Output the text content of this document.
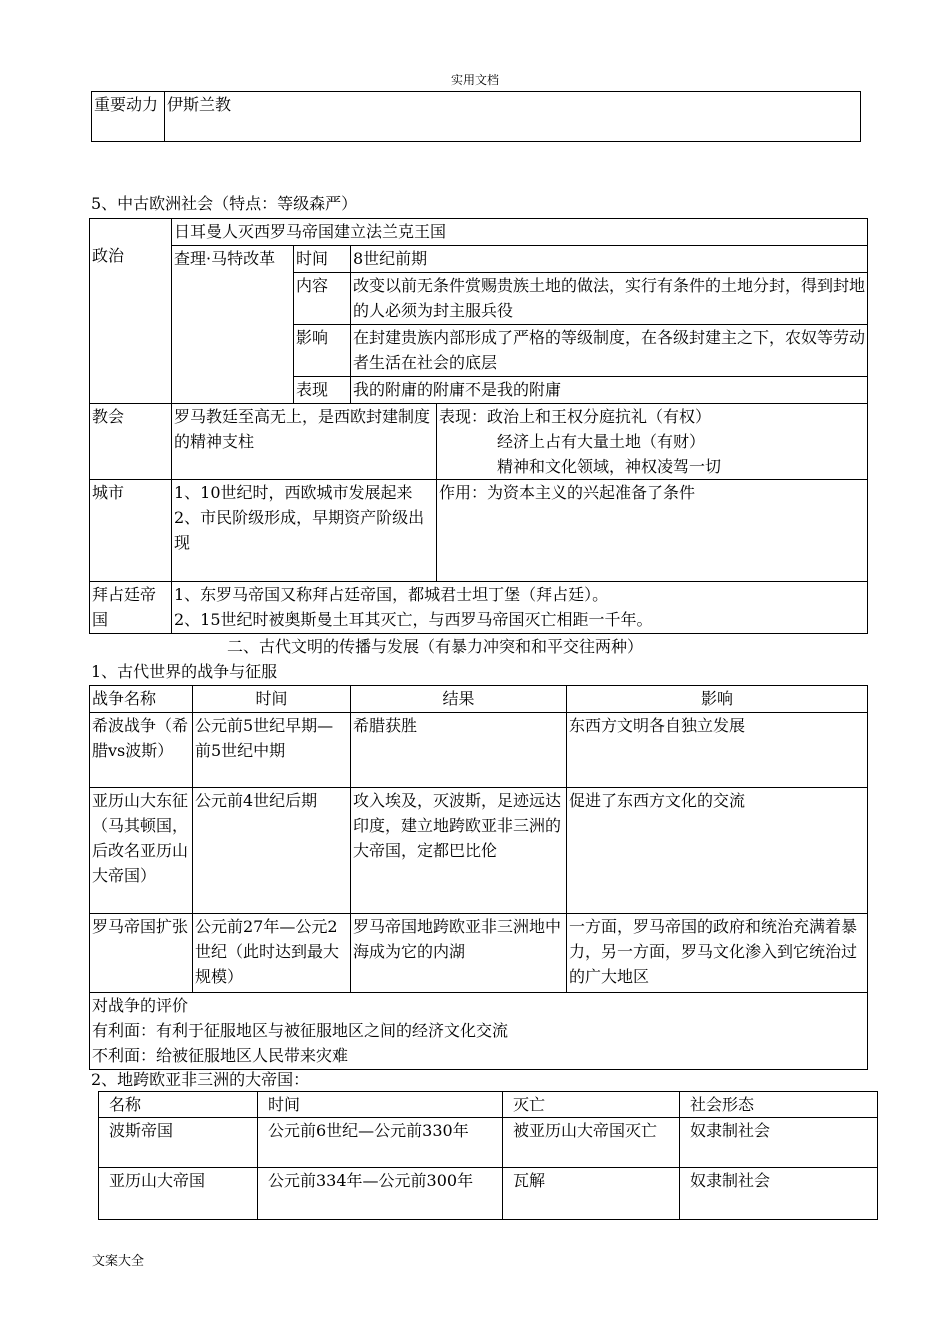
实用文档
重要动力	伊斯兰教
5、中古欧洲社会（特点：等级森严）
政治	日耳曼人灭西罗马帝国建立法兰克王国			
	查理·马特改革	时间	8世纪前期	
		内容	改变以前无条件赏赐贵族土地的做法，实行有条件的土地分封，得到封地的人必须为封主服兵役	
		影响	在封建贵族内部形成了严格的等级制度，在各级封建主之下，农奴等劳动者生活在社会的底层	
		表现	我的附庸的附庸不是我的附庸	
教会	罗马教廷至高无上，是西欧封建制度的精神支柱			表现：政治上和王权分庭抗礼（有权）
经济上占有大量土地（有财）
精神和文化领域，神权凌驾一切

城市	1、10世纪时，西欧城市发展起来
2、市民阶级形成，早期资产阶级出现			作用：为资本主义的兴起准备了条件
拜占廷帝国	1、东罗马帝国又称拜占廷帝国，都城君士坦丁堡（拜占廷）。
2、15世纪时被奥斯曼土耳其灭亡，与西罗马帝国灭亡相距一千年。			
二、古代文明的传播与发展（有暴力冲突和和平交往两种）
1、古代世界的战争与征服
战争名称	时间	结果	影响
希波战争（希腊vs波斯）	公元前5世纪早期—前5世纪中期	希腊获胜	东西方文明各自独立发展
亚历山大东征（马其顿国，后改名亚历山大帝国）	公元前4世纪后期	攻入埃及，灭波斯，足迹远达印度，建立地跨欧亚非三洲的大帝国，定都巴比伦	促进了东西方文化的交流
罗马帝国扩张	公元前27年—公元2世纪（此时达到最大规模）	罗马帝国地跨欧亚非三洲地中海成为它的内湖	一方面，罗马帝国的政府和统治充满着暴力，另一方面，罗马文化渗入到它统治过的广大地区

对战争的评价
有利面：有利于征服地区与被征服地区之间的经济文化交流
不利面：给被征服地区人民带来灾难			
2、地跨欧亚非三洲的大帝国：
名称	时间	灭亡	社会形态
波斯帝国	公元前6世纪—公元前330年	被亚历山大帝国灭亡	奴隶制社会
亚历山大帝国	公元前334年—公元前300年	瓦解	奴隶制社会
文案大全
